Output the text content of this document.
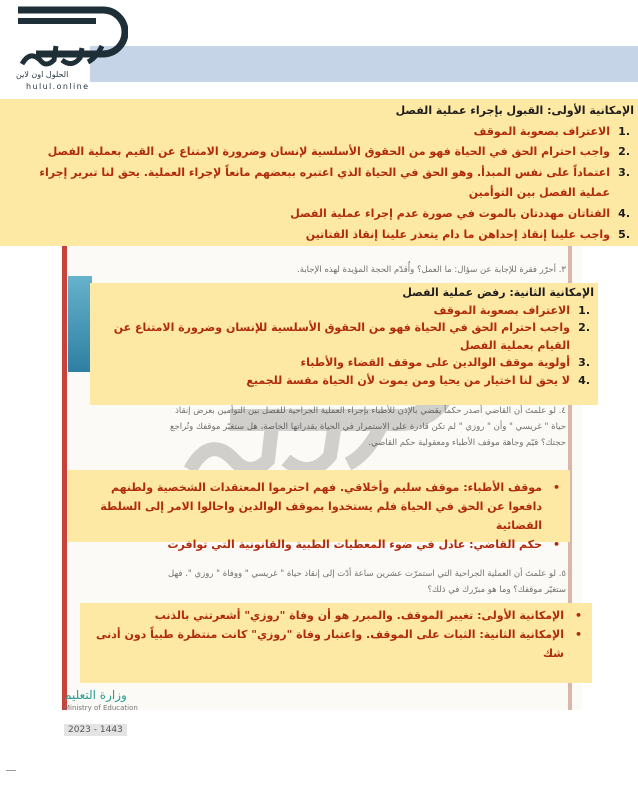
الحلول اون لاين
hulul.online
٣. أحرّر فقرة للإجابة عن سؤال: ما العمل؟ وأُقدّم الحجة المؤيدة لهذه الإجابة.
٤. لو علمتَ أن القاضي أصدر حكماً يقضي بالإذن للأطباء بإجراء العملية الجراحية للفصل بين التوأمين بعرض إنقاذ
حياة " غريسي " وأن " روزي " لم تكن قادرة على الاستمرار في الحياة بقدراتها الخاصة، هل ستغيّر موقفك وتُراجع
حجتك؟ قيّم وجاهة موقف الأطباء ومعقولية حكم القاضي.
٥. لو علمتَ أن العملية الجراحية التي استمرّت عشرين ساعة أدّت إلى إنقاذ حياة " غريسي " ووفاة " روزي ". فهل
ستغيّر موقفك؟ وما هو مبرّرك في ذلك؟

الإمكانية الأولى: القبول بإجراء عملية الفصل

.1
الاعتراف بصعوبة الموقف

.2
واجب احترام الحق في الحياة فهو من الحقوق الأسلسية لإنسان وضرورة الامتناع عن القيم بعملية الفصل

.3
اعتماداً على نفس المبدأ. وهو الحق في الحياة الذي اعتبره ببعضهم مانعاً لإجراء العملية. يحق لنا تبرير إجراء عملية الفصل بين التوأمين

.4
الفتاتان مهددتان بالموت في صورة عدم إجراء عملية الفصل

.5
واجب علينا إنقاذ إحداهن ما دام يتعذر علينا إنقاذ الفتاتين

الإمكانية الثانية: رفض عملية الفصل

.1
الاعتراف بصعوبة الموقف

.2
واجب احترام الحق في الحياة فهو من الحقوق الأسلسية للإنسان وضرورة الامتناع عن القيام بعملية الفصل

.3
أولوية موقف الوالدين على موقف القضاء والأطباء

.4
لا يحق لنا اختيار من يحيا ومن يموت لأن الحياة مقسة للجميع

•
موقف الأطباء: موقف سليم وأخلاقي. فهم احترموا المعتقدات الشخصية ولطنهم دافعوا عن الحق في الحياة فلم يستخدوا بموقف الوالدين واحالوا الامر إلى السلطة القضائية

•
حكم القاضي: عادل في ضوء المعطيات الطبية والقانونية التي توافرت

•
الإمكانية الأولى: تغيير الموقف. والمبرر هو أن وفاة "روزي" أشعرتني بالذنب

•
الإمكانية الثانية: الثبات على الموقف. واعتبار وفاة "روزي" كانت منتظرة طبياً دون أدنى شك

وزارة التعليم
Ministry of Education
2023 - 1443
